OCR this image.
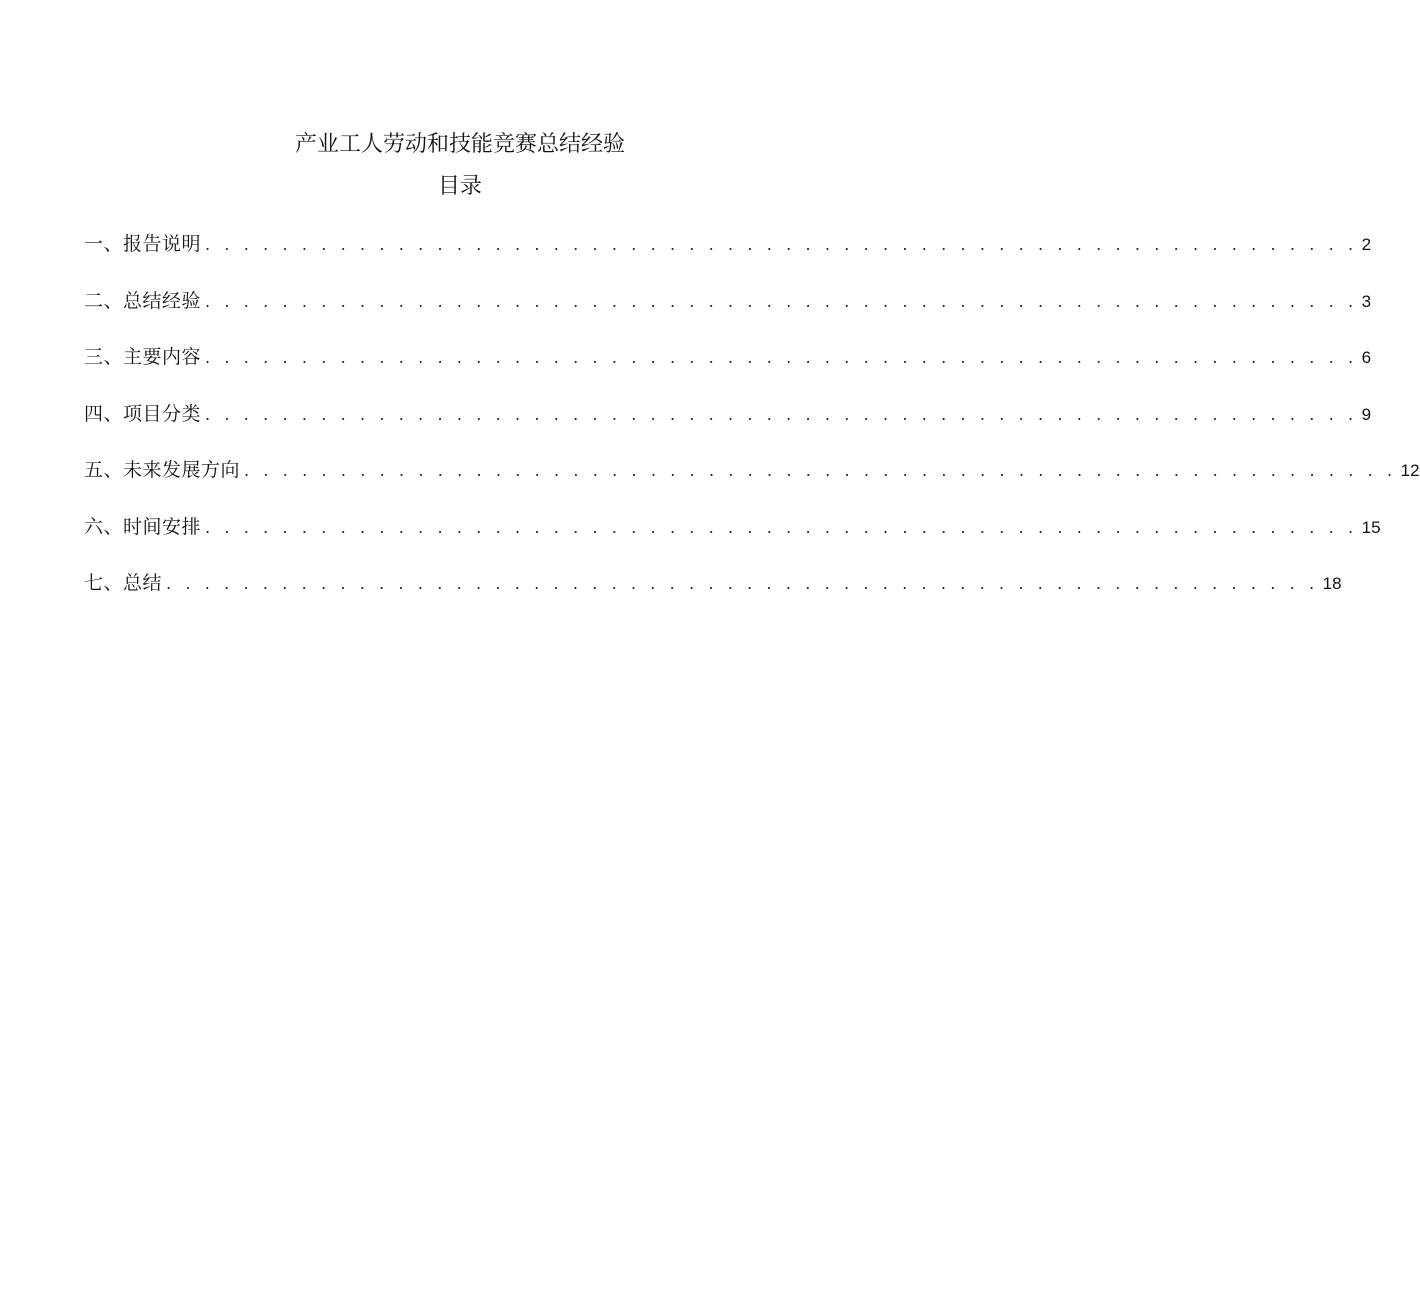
产业工人劳动和技能竞赛总结经验
目录
一、报告说明 . . . . . . . . . . . . . . . . . . . . . . . . . . . . . . . . . . . . . . . . . . . . . . . . . . . . . . . . . . . . 2
二、总结经验 . . . . . . . . . . . . . . . . . . . . . . . . . . . . . . . . . . . . . . . . . . . . . . . . . . . . . . . . . . . . 3
三、主要内容 . . . . . . . . . . . . . . . . . . . . . . . . . . . . . . . . . . . . . . . . . . . . . . . . . . . . . . . . . . . . 6
四、项目分类 . . . . . . . . . . . . . . . . . . . . . . . . . . . . . . . . . . . . . . . . . . . . . . . . . . . . . . . . . . . . 9
五、未来发展方向 . . . . . . . . . . . . . . . . . . . . . . . . . . . . . . . . . . . . . . . . . . . . . . . . . . . . . . . . . . . . 12
六、时间安排 . . . . . . . . . . . . . . . . . . . . . . . . . . . . . . . . . . . . . . . . . . . . . . . . . . . . . . . . . . . . 15
七、总结 . . . . . . . . . . . . . . . . . . . . . . . . . . . . . . . . . . . . . . . . . . . . . . . . . . . . . . . . . . . . 18
